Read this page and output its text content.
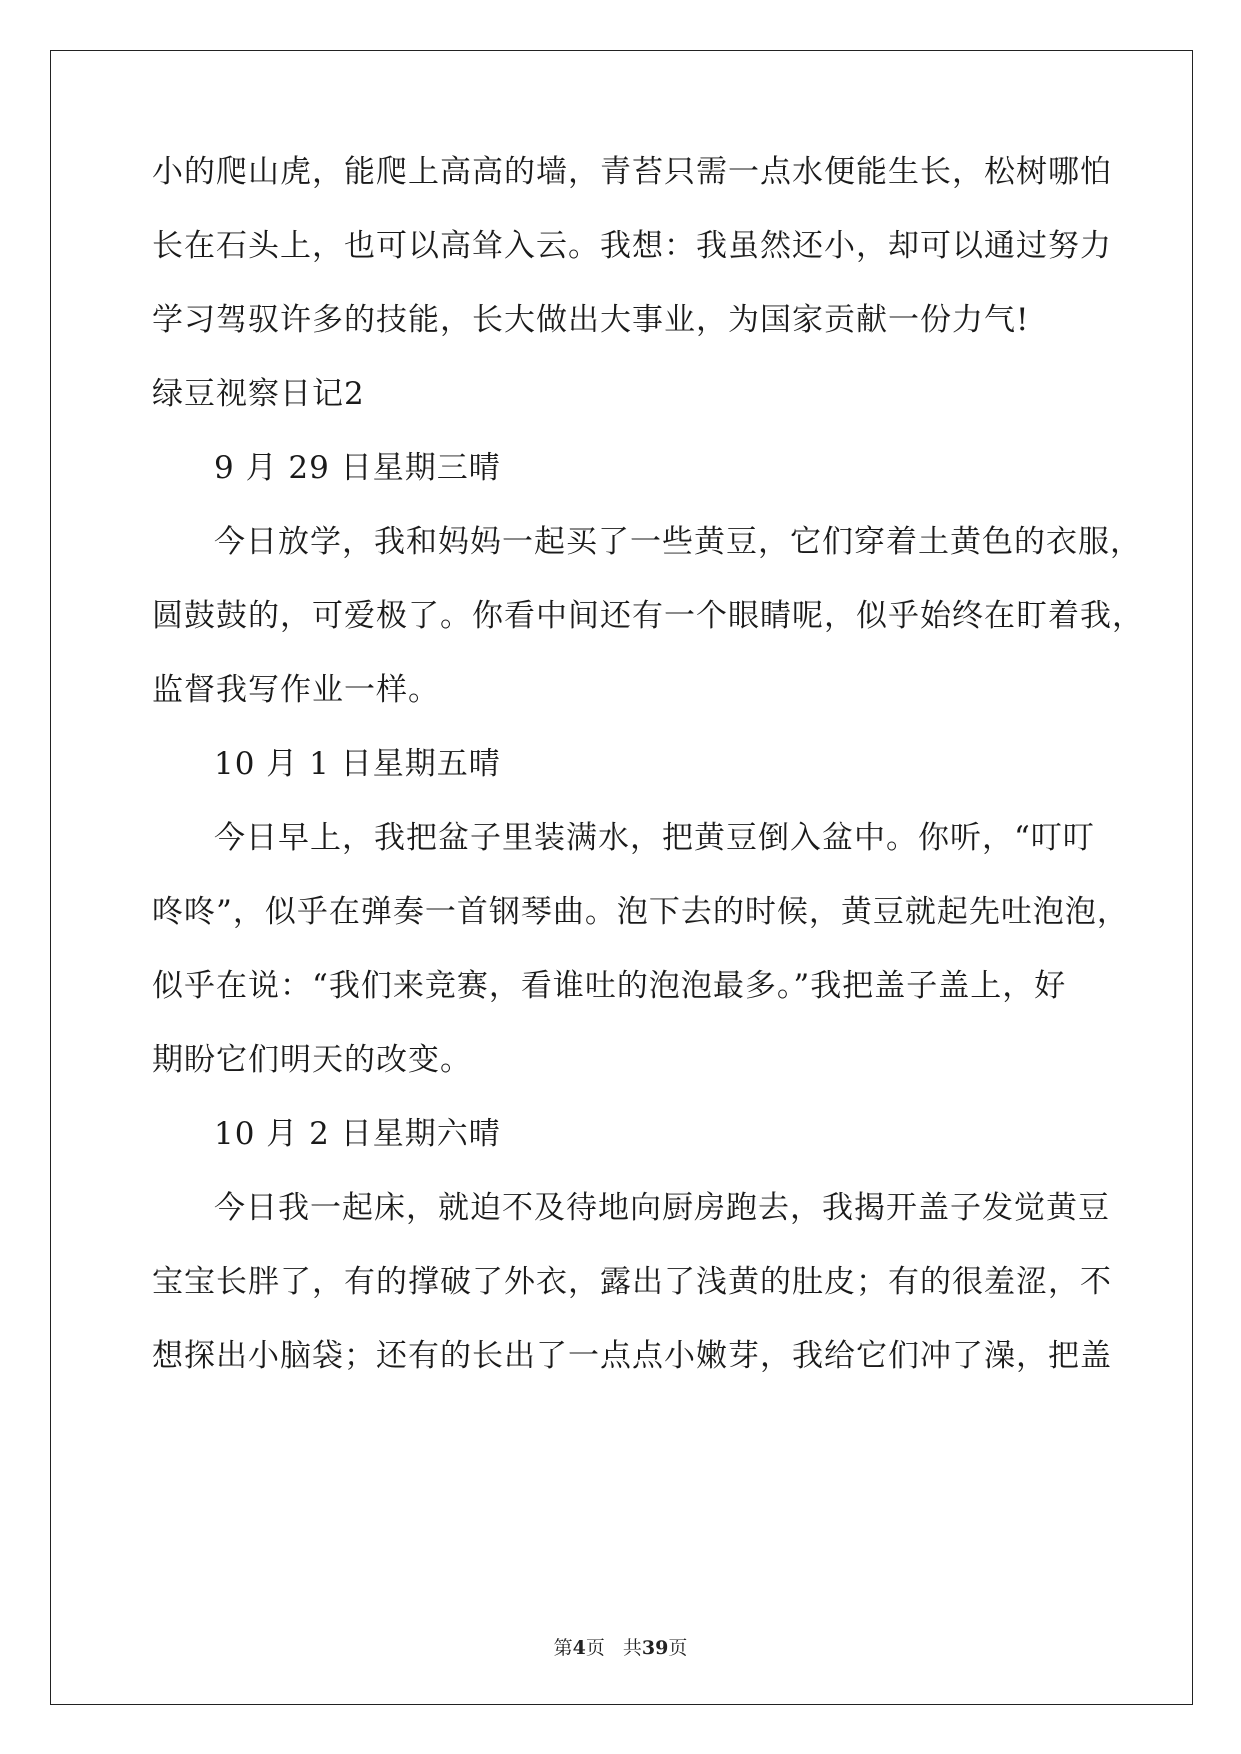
小的爬山虎，能爬上高高的墙，青苔只需一点水便能生长，松树哪怕
长在石头上，也可以高耸入云。我想：我虽然还小，却可以通过努力
学习驾驭许多的技能，长大做出大事业，为国家贡献一份力气!
绿豆视察日记2
9 月 29 日星期三晴
今日放学，我和妈妈一起买了一些黄豆，它们穿着土黄色的衣服，
圆鼓鼓的，可爱极了。你看中间还有一个眼睛呢，似乎始终在盯着我，
监督我写作业一样。
10 月 1 日星期五晴
今日早上，我把盆子里装满水，把黄豆倒入盆中。你听，“叮叮
咚咚”，似乎在弹奏一首钢琴曲。泡下去的时候，黄豆就起先吐泡泡，
似乎在说：“我们来竞赛，看谁吐的泡泡最多。”我把盖子盖上，好
期盼它们明天的改变。
10 月 2 日星期六晴
今日我一起床，就迫不及待地向厨房跑去，我揭开盖子发觉黄豆
宝宝长胖了，有的撑破了外衣，露出了浅黄的肚皮；有的很羞涩，不
想探出小脑袋；还有的长出了一点点小嫩芽，我给它们冲了澡，把盖
第4页 共39页
